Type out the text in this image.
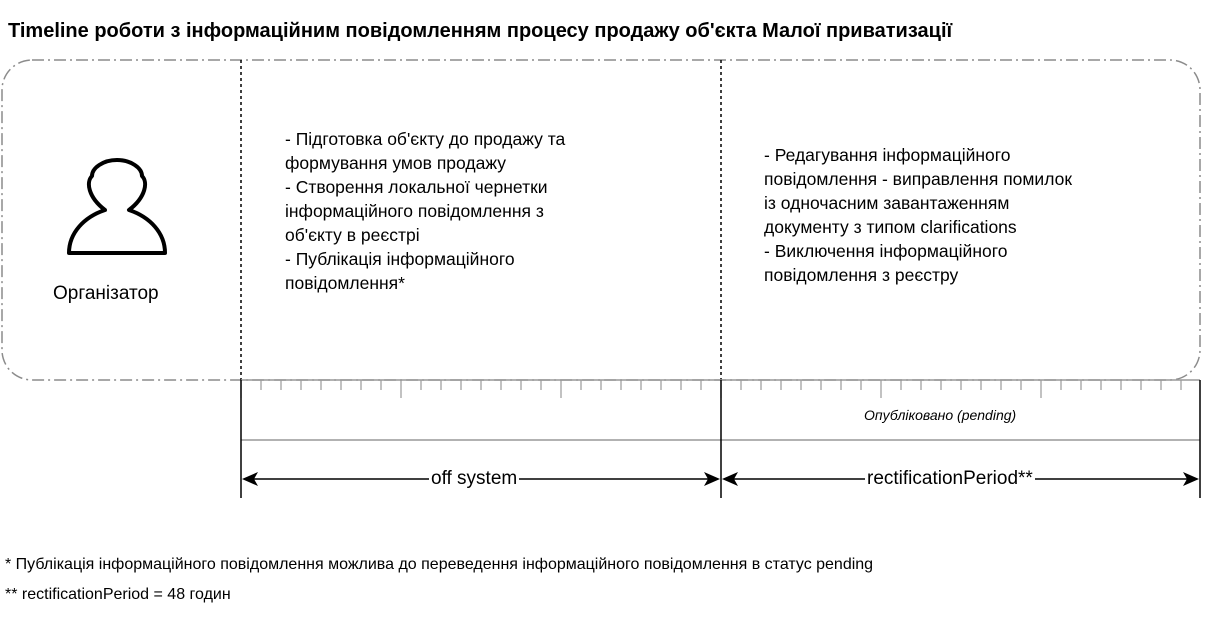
Timeline роботи з інформаційним повідомленням процесу продажу об'єкта Малої приватизації
- Підготовка об'єкту до продажу та
формування умов продажу
- Створення локальної чернетки
інформаційного повідомлення з
об'єкту в реєстрі
- Публікація інформаційного
повідомлення*
- Редагування інформаційного
повідомлення - виправлення помилок
із одночасним завантаженням
документу з типом clarifications
- Виключення інформаційного
повідомлення з реєстру
Організатор
Опубліковано (pending)
off system	rectificationPeriod**
* Публікація інформаційного повідомлення можлива до переведення інформаційного повідомлення в статус pending
** rectificationPeriod = 48 годин
